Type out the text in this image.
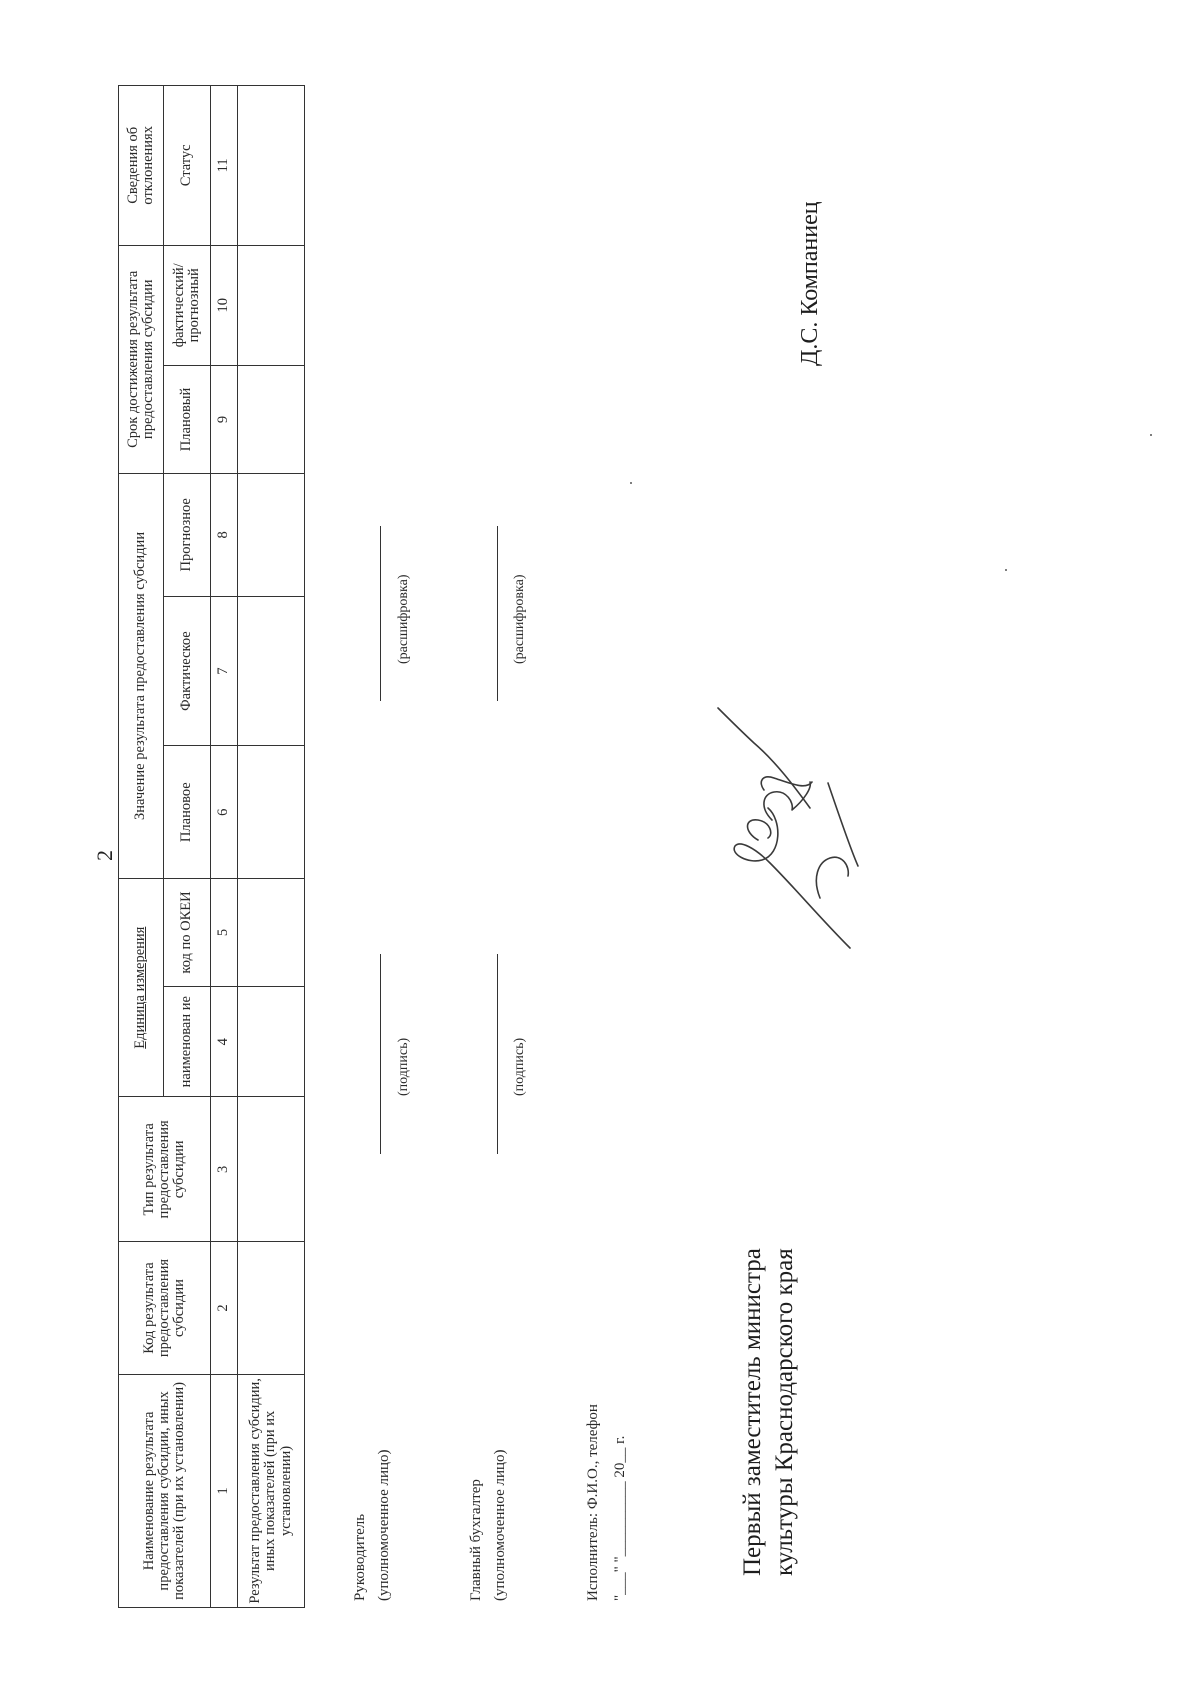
2
Наименование результата предоставления субсидии, иных показателей (при их установлении)	Код результата предоставления субсидии	Тип результата предоставления субсидии	Единица измерения		Значение результата предоставления субсидии			Срок достижения результата предоставления субсидии		Сведения об отклонениях
			наименован ие	код по ОКЕИ	Плановое	Фактическое	Прогнозное	Плановый	фактический/ прогнозный	Статус
1	2	3	4	5	6	7	8	9	10	11
Результат предоставления субсидии, иных показателей (при их установлении)										
Руководитель (уполномоченное лицо)
(подпись)
(расшифровка)
Главный бухгалтер (уполномоченное лицо)
(подпись)
(расшифровка)
Исполнитель: Ф.И.О., телефон "___" "__________ 20__ г.	Первый заместитель министра культуры Краснодарского края
Д.С. Компаниец
